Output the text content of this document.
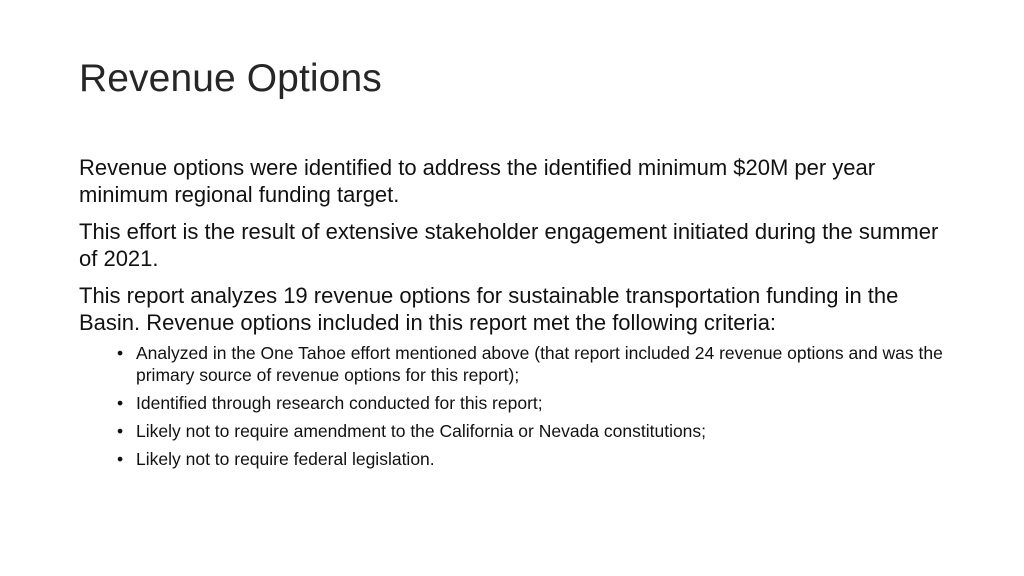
Revenue Options

Revenue options were identified to address the identified minimum $20M per year minimum regional funding target.

This effort is the result of extensive stakeholder engagement initiated during the summer of 2021.

This report analyzes 19 revenue options for sustainable transportation funding in the Basin. Revenue options included in this report met the following criteria:

• Analyzed in the One Tahoe effort mentioned above (that report included 24 revenue options and was the primary source of revenue options for this report);
• Identified through research conducted for this report;
• Likely not to require amendment to the California or Nevada constitutions;
• Likely not to require federal legislation.
